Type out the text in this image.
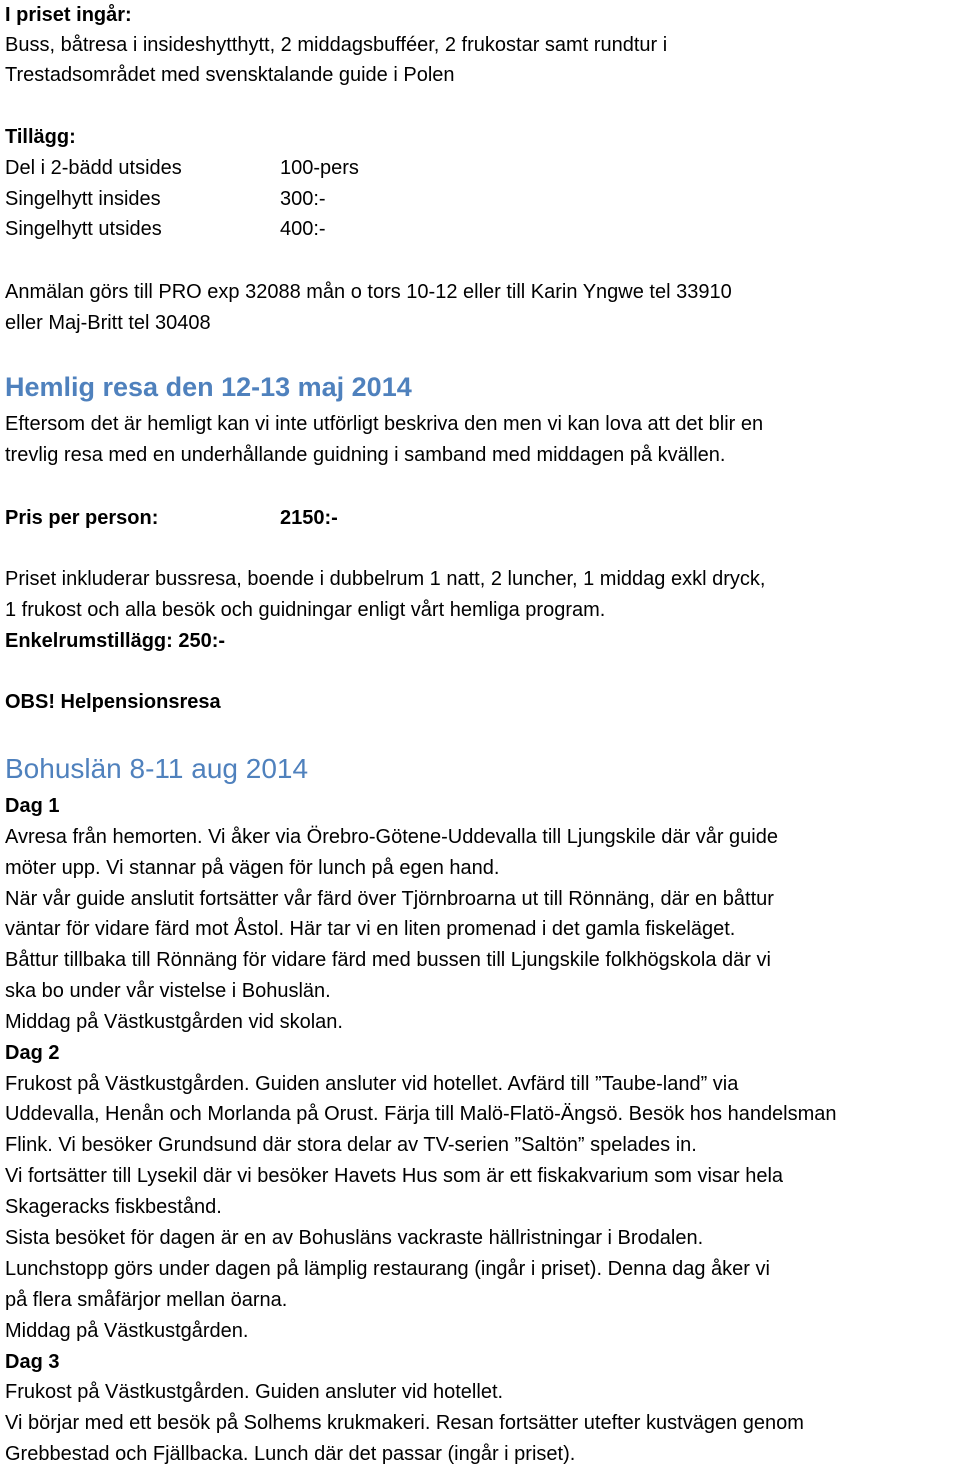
I priset ingår:
Buss, båtresa i insideshytthytt, 2 middagsbufféer, 2 frukostar samt rundtur i
Trestadsområdet med svensktalande guide i Polen
Tillägg:
Del i 2-bädd utsides	100-pers
Singelhytt insides	300:-
Singelhytt utsides	400:-
Anmälan görs till PRO exp 32088 mån o tors 10-12 eller till Karin Yngwe tel 33910
eller Maj-Britt tel 30408
Hemlig resa den 12-13 maj 2014
Eftersom det är hemligt kan vi inte utförligt beskriva den men vi kan lova att det blir en
trevlig resa med en underhållande guidning i samband med middagen på kvällen.
Pris per person:	2150:-
Priset inkluderar bussresa, boende i dubbelrum 1 natt, 2 luncher, 1 middag exkl dryck,
1 frukost och alla besök och guidningar enligt vårt hemliga program.
Enkelrumstillägg: 250:-
OBS! Helpensionsresa
Bohuslän 8-11 aug 2014
Dag 1
Avresa från hemorten. Vi åker via Örebro-Götene-Uddevalla till Ljungskile där vår guide
möter upp. Vi stannar på vägen för lunch på egen hand.
När vår guide anslutit fortsätter vår färd över Tjörnbroarna ut till Rönnäng, där en båttur
väntar för vidare färd mot Åstol. Här tar vi en liten promenad i det gamla fiskeläget.
Båttur tillbaka till Rönnäng för vidare färd med bussen till Ljungskile folkhögskola där vi
ska bo under vår vistelse i Bohuslän.
Middag på Västkustgården vid skolan.
Dag 2
Frukost på Västkustgården. Guiden ansluter vid hotellet. Avfärd till ”Taube-land” via
Uddevalla, Henån och Morlanda på Orust. Färja till Malö-Flatö-Ängsö. Besök hos handelsman
Flink. Vi besöker Grundsund där stora delar av TV-serien ”Saltön” spelades in.
Vi fortsätter till Lysekil där vi besöker Havets Hus som är ett fiskakvarium som visar hela
Skageracks fiskbestånd.
Sista besöket för dagen är en av Bohusläns vackraste hällristningar i Brodalen.
Lunchstopp görs under dagen på lämplig restaurang (ingår i priset). Denna dag åker vi
på flera småfärjor mellan öarna.
Middag på Västkustgården.
Dag 3
Frukost på Västkustgården. Guiden ansluter vid hotellet.
Vi börjar med ett besök på Solhems krukmakeri. Resan fortsätter utefter kustvägen genom
Grebbestad och Fjällbacka. Lunch där det passar (ingår i priset).
